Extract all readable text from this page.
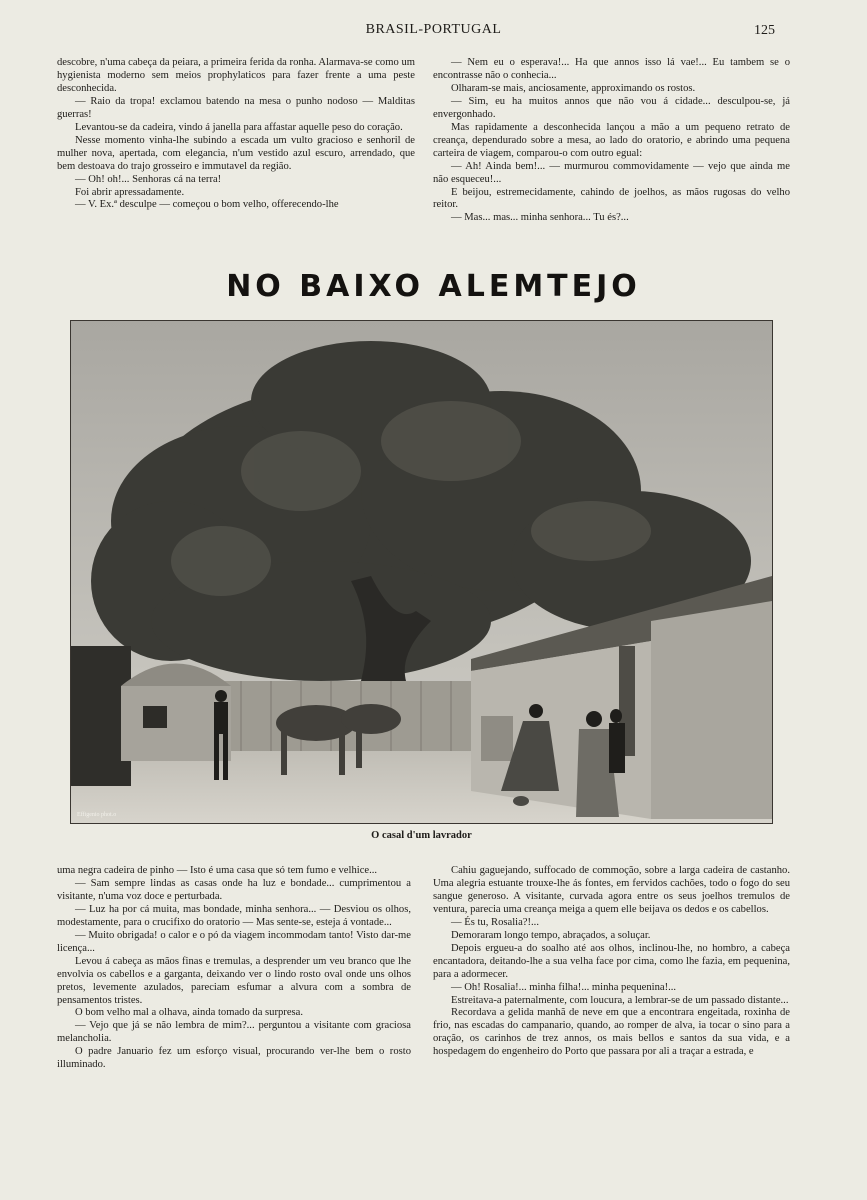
BRASIL-PORTUGAL	125

descobre, n'uma cabeça da peiara, a primeira ferida da ronha. Alarmava-se como um hygienista moderno sem meios prophylaticos para fazer frente a uma peste desconhecida.

— Raio da tropa! exclamou batendo na mesa o punho nodoso — Malditas guerras!

Levantou-se da cadeira, vindo á janella para affastar aquelle peso do coração.

Nesse momento vinha-lhe subindo a escada um vulto gracioso e senhoril de mulher nova, apertada, com elegancia, n'um vestido azul escuro, arrendado, que bem destoava do trajo grosseiro e immutavel da região.

— Oh! oh!... Senhoras cá na terra!

Foi abrir apressadamente.

— V. Ex.ª desculpe — começou o bom velho, offerecendo-lhe

— Nem eu o esperava!... Ha que annos isso lá vae!... Eu tambem se o encontrasse não o conhecia...

Olharam-se mais, anciosamente, approximando os rostos.

— Sim, eu ha muitos annos que não vou á cidade... desculpou-se, já envergonhado.

Mas rapidamente a desconhecida lançou a mão a um pequeno retrato de creança, dependurado sobre a mesa, ao lado do oratorio, e abrindo uma pequena carteira de viagem, comparou-o com outro egual:

— Ah! Ainda bem!... — murmurou commovidamente — vejo que ainda me não esqueceu!...

E beijou, estremecidamente, cahindo de joelhos, as mãos rugosas do velho reitor.

— Mas... mas... minha senhora... Tu és?...

NO BAIXO ALEMTEJO
Effigenio phot.o
O casal d'um lavrador

uma negra cadeira de pinho — Isto é uma casa que só tem fumo e velhice...

— Sam sempre lindas as casas onde ha luz e bondade... cumprimentou a visitante, n'uma voz doce e perturbada.

— Luz ha por cá muita, mas bondade, minha senhora... — Desviou os olhos, modestamente, para o crucifixo do oratorio — Mas sente-se, esteja á vontade...

— Muito obrigada! o calor e o pó da viagem incommodam tanto! Visto dar-me licença...

Levou á cabeça as mãos finas e tremulas, a desprender um veu branco que lhe envolvia os cabellos e a garganta, deixando ver o lindo rosto oval onde uns olhos pretos, levemente azulados, pareciam esfumar a alvura com a sombra de pensamentos tristes.

O bom velho mal a olhava, ainda tomado da surpresa.

— Vejo que já se não lembra de mim?... perguntou a visitante com graciosa melancholia.

O padre Januario fez um esforço visual, procurando ver-lhe bem o rosto illuminado.

Cahiu gaguejando, suffocado de commoção, sobre a larga cadeira de castanho. Uma alegria estuante trouxe-lhe ás fontes, em fervidos cachões, todo o fogo do seu sangue generoso. A visitante, curvada agora entre os seus joelhos tremulos de ventura, parecia uma creança meiga a quem elle beijava os dedos e os cabellos.

— És tu, Rosalia?!...

Demoraram longo tempo, abraçados, a soluçar.

Depois ergueu-a do soalho até aos olhos, inclinou-lhe, no hombro, a cabeça encantadora, deitando-lhe a sua velha face por cima, como lhe fazia, em pequenina, para a adormecer.

— Oh! Rosalia!... minha filha!... minha pequenina!...

Estreitava-a paternalmente, com loucura, a lembrar-se de um passado distante...

Recordava a gelida manhã de neve em que a encontrara engeitada, roxinha de frio, nas escadas do campanario, quando, ao romper de alva, ia tocar o sino para a oração, os carinhos de trez annos, os mais bellos e santos da sua vida, e a hospedagem do engenheiro do Porto que passara por ali a traçar a estrada, e
